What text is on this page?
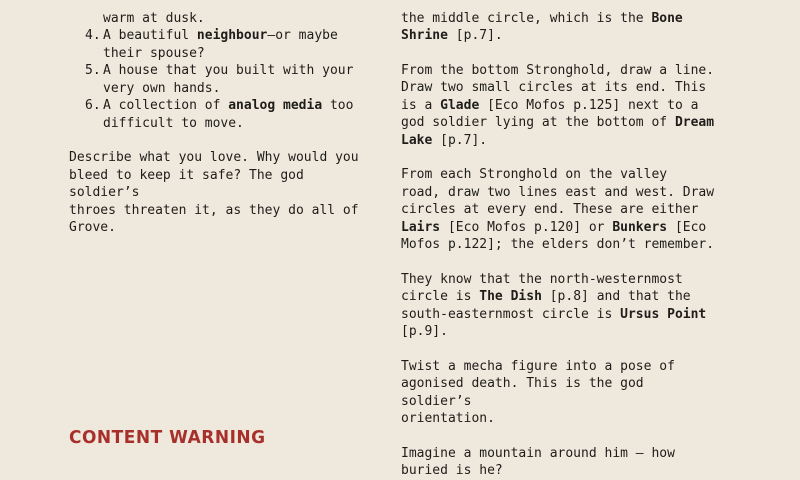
warm at dusk.
4. A beautiful neighbour—or maybe
their spouse?
5. A house that you built with your
very own hands.
6. A collection of analog media too
difficult to move.

Describe what you love. Why would you
bleed to keep it safe? The god soldier’s
throes threaten it, as they do all of
Grove.

CONTENT WARNING

the middle circle, which is the Bone
Shrine [p.7].

From the bottom Stronghold, draw a line.
Draw two small circles at its end. This
is a Glade [Eco Mofos p.125] next to a
god soldier lying at the bottom of Dream
Lake [p.7].

From each Stronghold on the valley
road, draw two lines east and west. Draw
circles at every end. These are either
Lairs [Eco Mofos p.120] or Bunkers [Eco
Mofos p.122]; the elders don’t remember.

They know that the north-westernmost
circle is The Dish [p.8] and that the
south-easternmost circle is Ursus Point
[p.9].

Twist a mecha figure into a pose of
agonised death. This is the god soldier’s
orientation.

Imagine a mountain around him — how
buried is he?
